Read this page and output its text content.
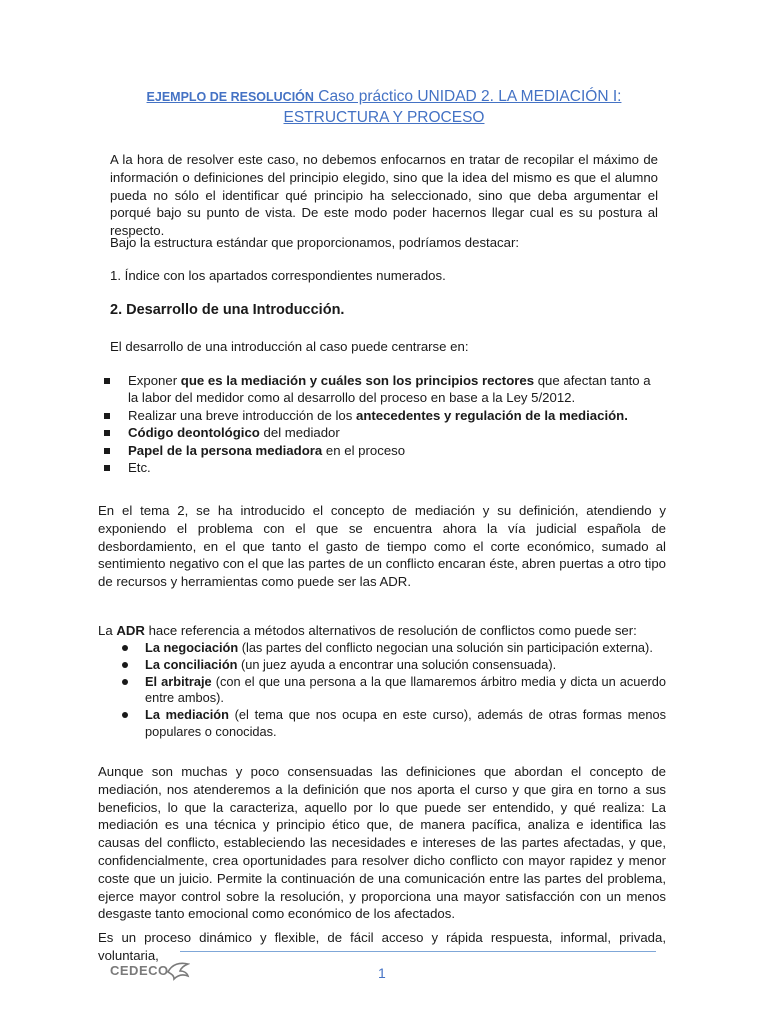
EJEMPLO DE RESOLUCIÓN Caso práctico UNIDAD 2. LA MEDIACIÓN I:
ESTRUCTURA Y PROCESO

A la hora de resolver este caso, no debemos enfocarnos en tratar de recopilar el máximo de información o definiciones del principio elegido, sino que la idea del mismo es que el alumno pueda no sólo el identificar qué principio ha seleccionado, sino que deba argumentar el porqué bajo su punto de vista. De este modo poder hacernos llegar cual es su postura al respecto.

Bajo la estructura estándar que proporcionamos, podríamos destacar:

1. Índice con los apartados correspondientes numerados.

2. Desarrollo de una Introducción.

El desarrollo de una introducción al caso puede centrarse en:

Exponer que es la mediación y cuáles son los principios rectores que afectan tanto a la labor del medidor como al desarrollo del proceso en base a la Ley 5/2012.
Realizar una breve introducción de los antecedentes y regulación de la mediación.
Código deontológico del mediador
Papel de la persona mediadora en el proceso
Etc.

En el tema 2, se ha introducido el concepto de mediación y su definición, atendiendo y exponiendo el problema con el que se encuentra ahora la vía judicial española de desbordamiento, en el que tanto el gasto de tiempo como el corte económico, sumado al sentimiento negativo con el que las partes de un conflicto encaran éste, abren puertas a otro tipo de recursos y herramientas como puede ser las ADR.

La ADR hace referencia a métodos alternativos de resolución de conflictos como puede ser:

La negociación (las partes del conflicto negocian una solución sin participación externa).
La conciliación (un juez ayuda a encontrar una solución consensuada).
El arbitraje (con el que una persona a la que llamaremos árbitro media y dicta un acuerdo entre ambos).
La mediación (el tema que nos ocupa en este curso), además de otras formas menos populares o conocidas.

Aunque son muchas y poco consensuadas las definiciones que abordan el concepto de mediación, nos atenderemos a la definición que nos aporta el curso y que gira en torno a sus beneficios, lo que la caracteriza, aquello por lo que puede ser entendido, y qué realiza: La mediación es una técnica y principio ético que, de manera pacífica, analiza e identifica las causas del conflicto, estableciendo las necesidades e intereses de las partes afectadas, y que, confidencialmente, crea oportunidades para resolver dicho conflicto con mayor rapidez y menor coste que un juicio. Permite la continuación de una comunicación entre las partes del problema, ejerce mayor control sobre la resolución, y proporciona una mayor satisfacción con un menos desgaste tanto emocional como económico de los afectados.

Es un proceso dinámico y flexible, de fácil acceso y rápida respuesta, informal, privada, voluntaria,

CEDECO	1
